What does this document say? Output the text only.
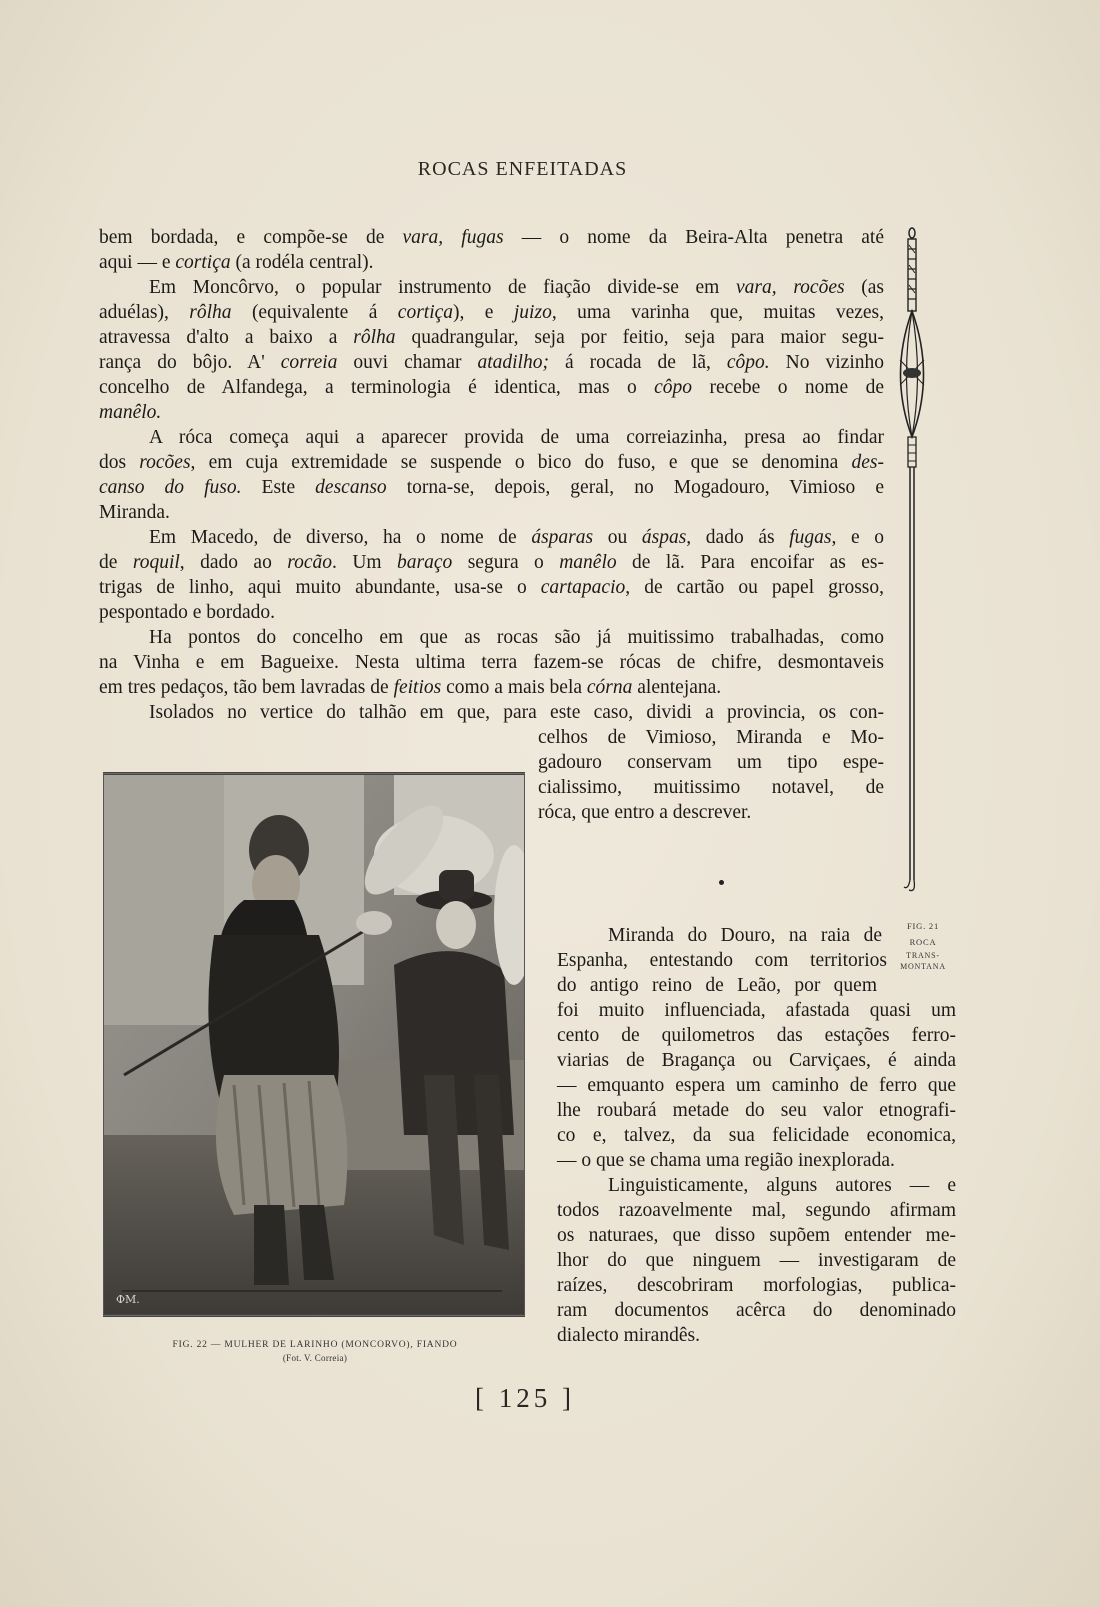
ROCAS ENFEITADAS
bem bordada, e compõe-se de vara, fugas — o nome da Beira-Alta penetra até
aqui — e cortiça (a rodéla central).
Em Moncôrvo, o popular instrumento de fiação divide-se em vara, rocões (as
aduélas), rôlha (equivalente á cortiça), e juizo, uma varinha que, muitas vezes,
atravessa d'alto a baixo a rôlha quadrangular, seja por feitio, seja para maior segu-
rança do bôjo. A' correia ouvi chamar atadilho; á rocada de lã, côpo. No vizinho
concelho de Alfandega, a terminologia é identica, mas o côpo recebe o nome de
manêlo.
A róca começa aqui a aparecer provida de uma correiazinha, presa ao findar
dos rocões, em cuja extremidade se suspende o bico do fuso, e que se denomina des-
canso do fuso. Este descanso torna-se, depois, geral, no Mogadouro, Vimioso e
Miranda.
Em Macedo, de diverso, ha o nome de ásparas ou áspas, dado ás fugas, e o
de roquil, dado ao rocão. Um baraço segura o manêlo de lã. Para encoifar as es-
trigas de linho, aqui muito abundante, usa-se o cartapacio, de cartão ou papel grosso,
pespontado e bordado.
Ha pontos do concelho em que as rocas são já muitissimo trabalhadas, como
na Vinha e em Bagueixe. Nesta ultima terra fazem-se rócas de chifre, desmontaveis
em tres pedaços, tão bem lavradas de feitios como a mais bela córna alentejana.
Isolados no vertice do talhão em que, para este caso, dividi a provincia, os con-
celhos de Vimioso, Miranda e Mo-
gadouro conservam um tipo espe-
cialissimo, muitissimo notavel, de
róca, que entro a descrever.
ΦM.
FIG. 22 — MULHER DE LARINHO (MONCORVO), FIANDO
(Fot. V. Correia)
Miranda do Douro, na raia de
Espanha, entestando com territorios
do antigo reino de Leão, por quem
foi muito influenciada, afastada quasi um
cento de quilometros das estações ferro-
viarias de Bragança ou Carviçaes, é ainda
— emquanto espera um caminho de ferro que
lhe roubará metade do seu valor etnografi-
co e, talvez, da sua felicidade economica,
— o que se chama uma região inexplorada.
Linguisticamente, alguns autores — e
todos razoavelmente mal, segundo afirmam
os naturaes, que disso supõem entender me-
lhor do que ninguem — investigaram de
raízes, descobriram morfologias, publica-
ram documentos acêrca do denominado
dialecto mirandês.
FIG. 21
ROCA
TRANS-
MONTANA
[ 125 ]
